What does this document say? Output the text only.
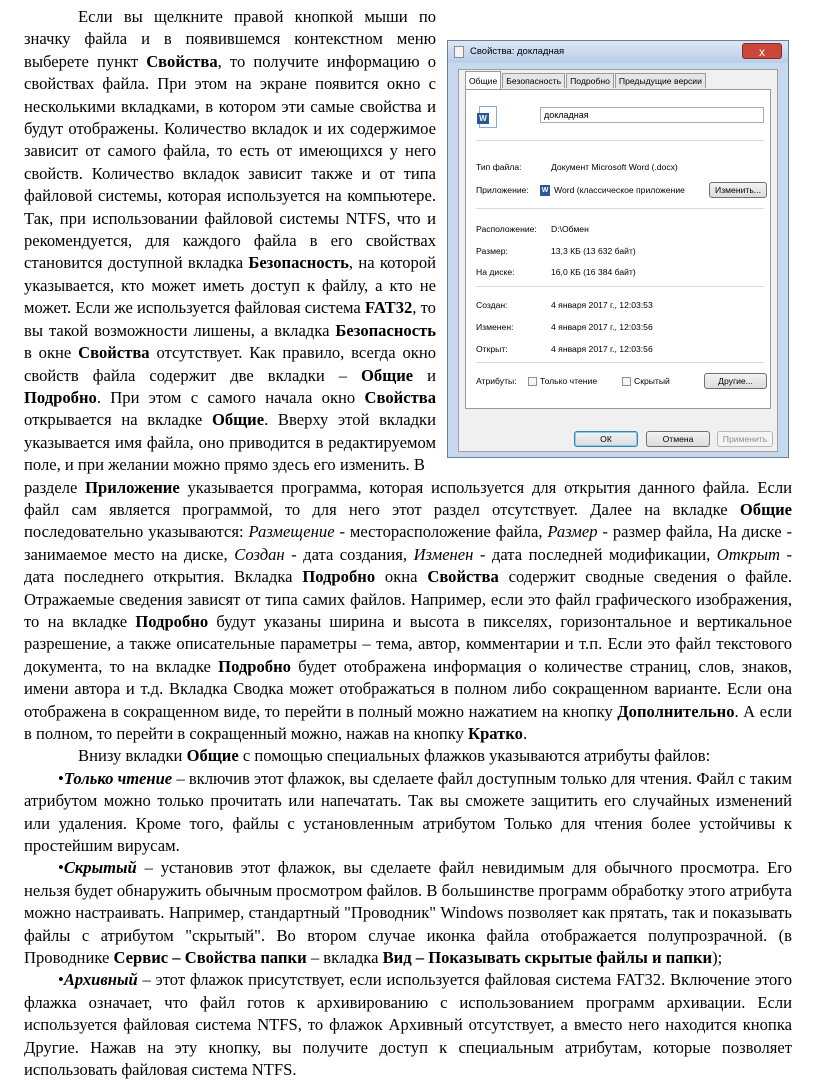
Если вы щелкните правой кнопкой мыши по значку файла и в появившемся контекстном меню выберете пункт Свойства, то получите информацию о свойствах файла. При этом на экране появится окно с несколькими вкладками, в котором эти самые свойства и будут отображены. Количество вкладок и их содержимое зависит от самого файла, то есть от имеющихся у него свойств. Количество вкладок зависит также и от типа файловой системы, которая используется на компьютере. Так, при использовании файловой системы NTFS, что и рекомендуется, для каждого файла в его свойствах становится доступной вкладка Безопасность, на которой указывается, кто может иметь доступ к файлу, а кто не может. Если же используется файловая система FAT32, то вы такой возможности лишены, а вкладка Безопасность в окне Свойства отсутствует. Как правило, всегда окно свойств файла содержит две вкладки – Общие и Подробно. При этом с самого начала окно Свойства открывается на вкладке Общие. Вверху этой вкладки указывается имя файла, оно приводится в редактируемом поле, и при желании можно прямо здесь его изменить. В

разделе Приложение указывается программа, которая используется для открытия данного файла. Если файл сам является программой, то для него этот раздел отсутствует. Далее на вкладке Общие последовательно указываются: Размещение - месторасположение файла, Размер - размер файла, На диске - занимаемое место на диске, Создан - дата создания, Изменен - дата последней модификации, Открыт - дата последнего открытия. Вкладка Подробно окна Свойства содержит сводные сведения о файле. Отражаемые сведения зависят от типа самих файлов. Например, если это файл графического изображения, то на вкладке Подробно будут указаны ширина и высота в пикселях, горизонтальное и вертикальное разрешение, а также описательные параметры – тема, автор, комментарии и т.п. Если это файл текстового документа, то на вкладке Подробно будет отображена информация о количестве страниц, слов, знаков, имени автора и т.д. Вкладка Сводка может отображаться в полном либо сокращенном варианте. Если она отображена в сокращенном виде, то перейти в полный можно нажатием на кнопку Дополнительно. А если в полном, то перейти в сокращенный можно, нажав на кнопку Кратко.

Внизу вкладки Общие с помощью специальных флажков указываются атрибуты файлов:

•Только чтение – включив этот флажок, вы сделаете файл доступным только для чтения. Файл с таким атрибутом можно только прочитать или напечатать. Так вы сможете защитить его случайных изменений или удаления. Кроме того, файлы с установленным атрибутом Только для чтения более устойчивы к простейшим вирусам.

•Скрытый – установив этот флажок, вы сделаете файл невидимым для обычного просмотра. Его нельзя будет обнаружить обычным просмотром файлов. В большинстве программ обработку этого атрибута можно настраивать. Например, стандартный "Проводник" Windows позволяет как прятать, так и показывать файлы с атрибутом "скрытый". Во втором случае иконка файла отображается полупрозрачной. (в Проводнике Сервис – Свойства папки – вкладка Вид – Показывать скрытые файлы и папки);

•Архивный – этот флажок присутствует, если используется файловая система FAT32. Включение этого флажка означает, что файл готов к архивированию с использованием программ архивации. Если используется файловая система NTFS, то флажок Архивный отсутствует, а вместо него находится кнопка Другие. Нажав на эту кнопку, вы получите доступ к специальным атрибутам, которые позволяет использовать файловая система NTFS.

Свойства: докладная	x
Общие	Безопасность	Подробно	Предыдущие версии
W	докладная
Тип файла:	Документ Microsoft Word (.docx)
Приложение: W Word (классическое приложение	Изменить...
Расположение: D:\Обмен
Размер:	13,3 КБ (13 632 байт)
На диске:	16,0 КБ (16 384 байт)
Создан:	4 января 2017 г., 12:03:53
Изменен:	4 января 2017 г., 12:03:56
Открыт:	4 января 2017 г., 12:03:56
Атрибуты:	Только чтение	Скрытый	Другие...
ОК	Отмена	Применить
